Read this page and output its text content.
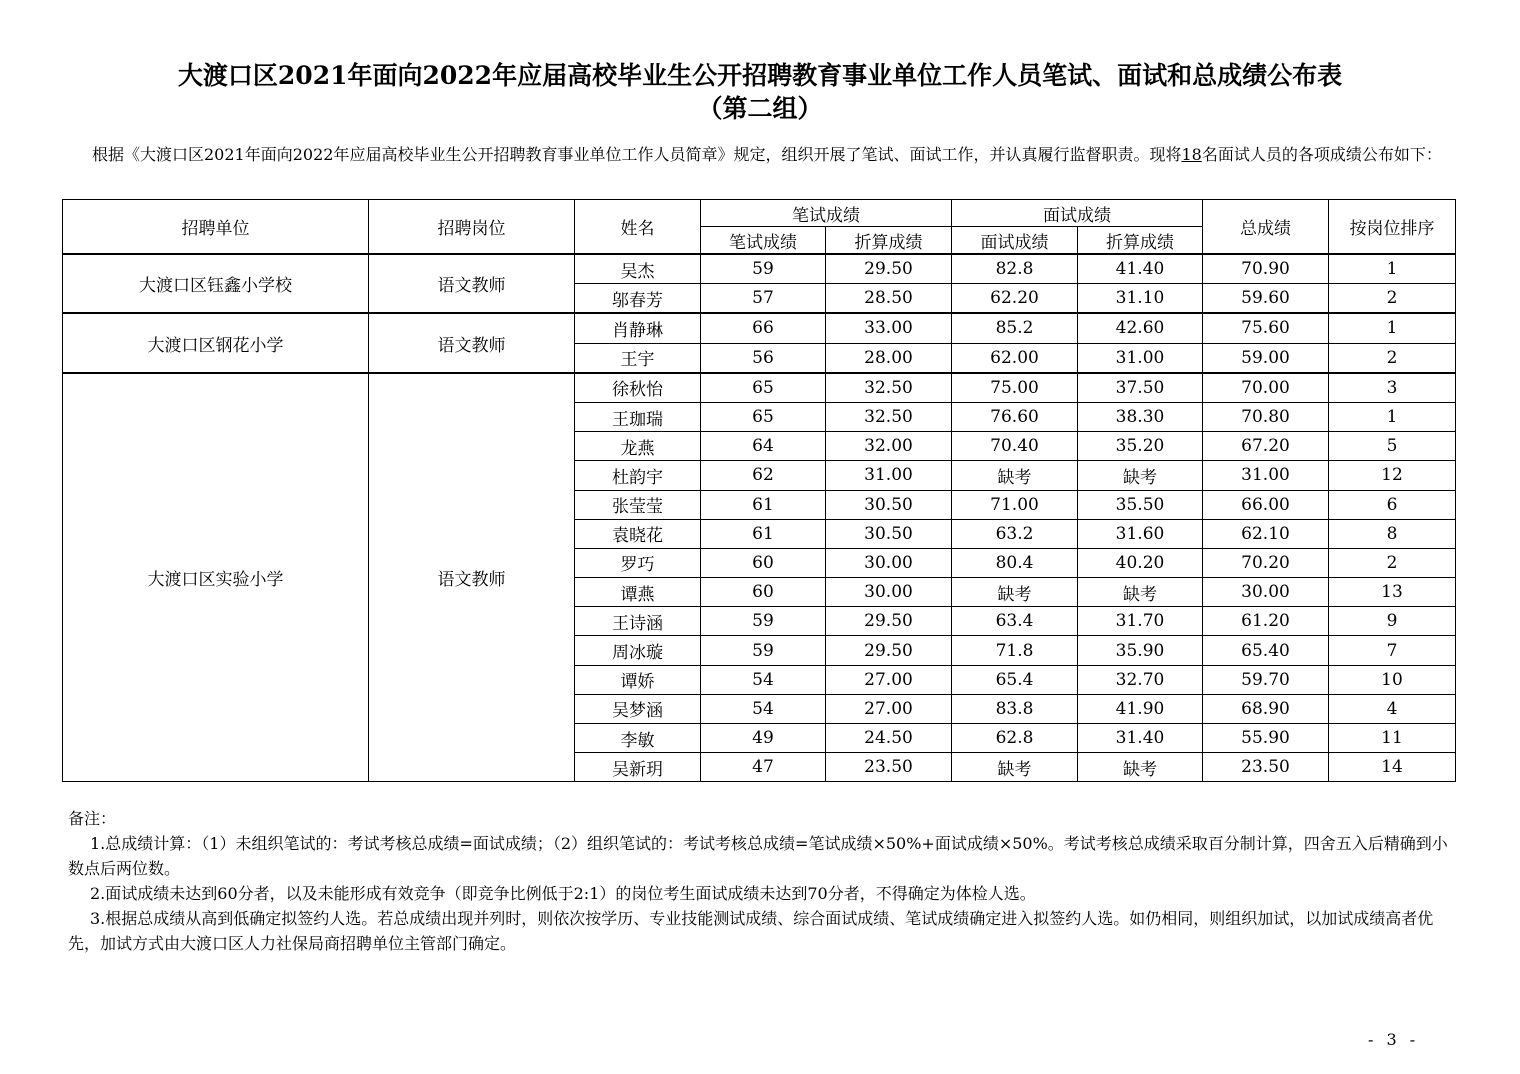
大渡口区2021年面向2022年应届高校毕业生公开招聘教育事业单位工作人员笔试、面试和总成绩公布表
（第二组）
根据《大渡口区2021年面向2022年应届高校毕业生公开招聘教育事业单位工作人员简章》规定，组织开展了笔试、面试工作，并认真履行监督职责。现将18名面试人员的各项成绩公布如下：
招聘单位	招聘岗位	姓名	笔试成绩		面试成绩		总成绩	按岗位排序
			笔试成绩	折算成绩	面试成绩	折算成绩		
大渡口区钰鑫小学校	语文教师	吴杰	59	29.50	82.8	41.40	70.90	1
		邬春芳	57	28.50	62.20	31.10	59.60	2
大渡口区钢花小学	语文教师	肖静琳	66	33.00	85.2	42.60	75.60	1
		王宇	56	28.00	62.00	31.00	59.00	2
大渡口区实验小学	语文教师	徐秋怡	65	32.50	75.00	37.50	70.00	3
		王珈瑞	65	32.50	76.60	38.30	70.80	1
		龙燕	64	32.00	70.40	35.20	67.20	5
		杜韵宇	62	31.00	缺考	缺考	31.00	12
		张莹莹	61	30.50	71.00	35.50	66.00	6
		袁晓花	61	30.50	63.2	31.60	62.10	8
		罗巧	60	30.00	80.4	40.20	70.20	2
		谭燕	60	30.00	缺考	缺考	30.00	13
		王诗涵	59	29.50	63.4	31.70	61.20	9
		周冰璇	59	29.50	71.8	35.90	65.40	7
		谭娇	54	27.00	65.4	32.70	59.70	10
		吴梦涵	54	27.00	83.8	41.90	68.90	4
		李敏	49	24.50	62.8	31.40	55.90	11
		吴新玥	47	23.50	缺考	缺考	23.50	14

备注：

1.总成绩计算：（1）未组织笔试的：考试考核总成绩=面试成绩；（2）组织笔试的：考试考核总成绩=笔试成绩×50%+面试成绩×50%。考试考核总成绩采取百分制计算，四舍五入后精确到小数点后两位数。

2.面试成绩未达到60分者，以及未能形成有效竞争（即竞争比例低于2:1）的岗位考生面试成绩未达到70分者，不得确定为体检人选。

3.根据总成绩从高到低确定拟签约人选。若总成绩出现并列时，则依次按学历、专业技能测试成绩、综合面试成绩、笔试成绩确定进入拟签约人选。如仍相同，则组织加试，以加试成绩高者优先，加试方式由大渡口区人力社保局商招聘单位主管部门确定。

- 3 -
